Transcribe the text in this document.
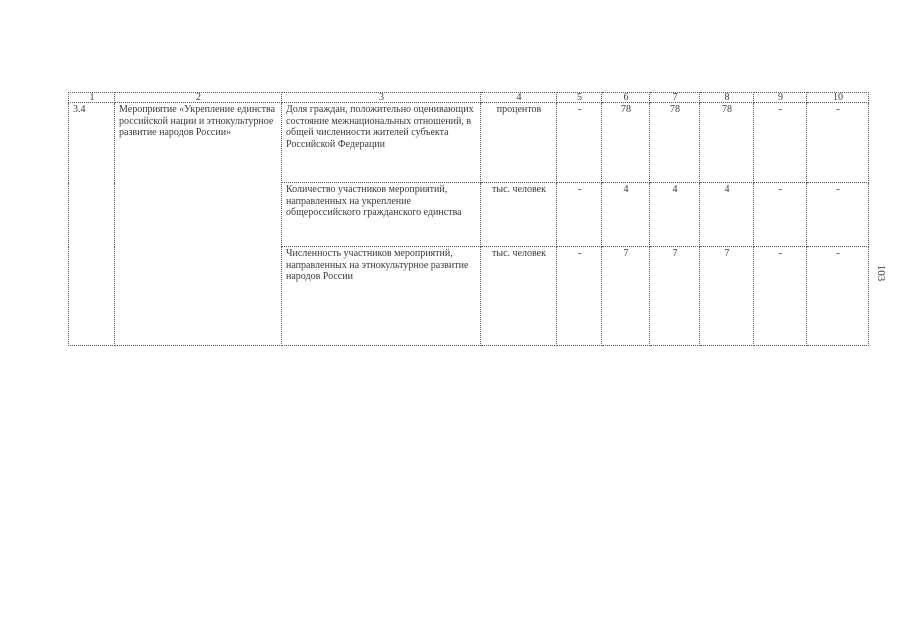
1	2	3	4	5	6	7	8	9	10
3.4	Мероприятие «Укрепление единства российской нации и этнокультурное развитие народов России»	Доля граждан, положительно оценивающих состояние межнациональных отношений, в общей численности жителей субъекта Российской Федерации	процентов	-	78	78	78	-	-
		Количество участников мероприятий, направленных на укрепление общероссийского гражданского единства	тыс. человек	-	4	4	4	-	-
		Численность участников мероприятий, направленных на этнокультурное развитие народов России	тыс. человек	-	7	7	7	-	-
103
